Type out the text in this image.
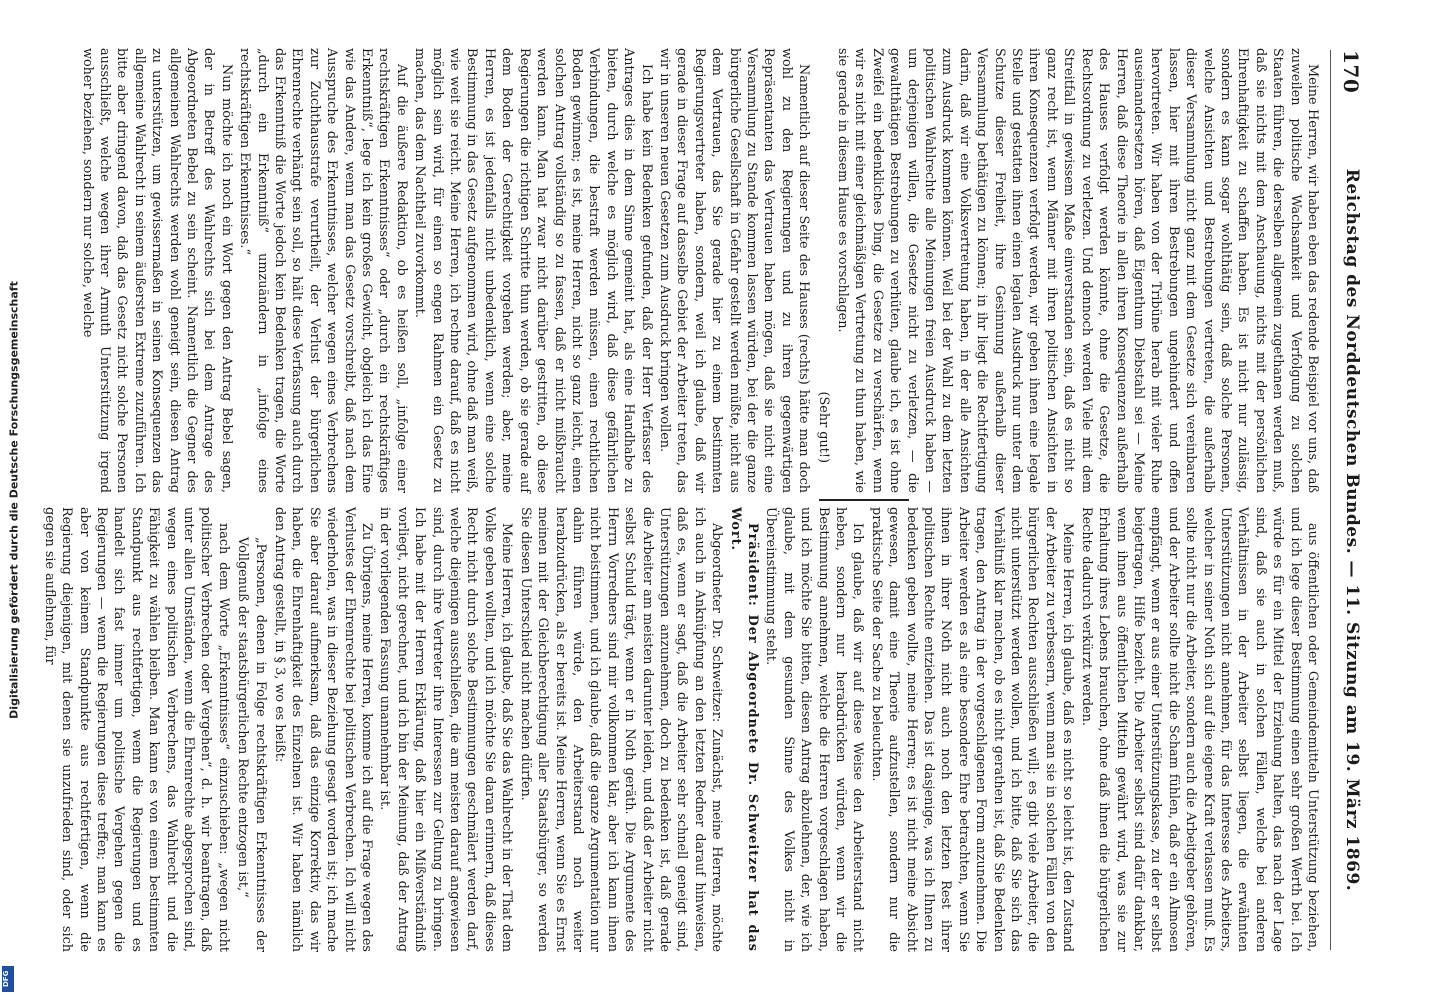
170
Reichstag des Norddeutschen Bundes. — 11. Sitzung am 19. März 1869.

Meine Herren, wir haben eben das redende Beispiel vor uns, daß zuweilen politische Wachsamkeit und Verfolgung zu solchen Staaten führen, die derselben allgemein zugethanen werden muß, daß sie nichts mit dem Anschauung, nichts mit der persönlichen Ehrenhaftigkeit zu schaffen haben. Es ist nicht nur zulässig, sondern es kann sogar wohlthätig sein, daß solche Personen, welche Ansichten und Bestrebungen vertreten, die außerhalb dieser Versammlung nicht ganz mit dem Gesetze sich vereinbaren lassen, hier mit ihren Bestrebungen ungehindert und offen hervortreten. Wir haben von der Tribüne herab mit vieler Ruhe auseinandersetzen hören, daß Eigenthum Diebstahl sei — Meine Herren, daß diese Theorie in allen ihren Konsequenzen außerhalb des Hauses verfolgt werden könnte, ohne die Gesetze, die Rechtsordnung zu verletzen. Und dennoch werden Viele mit dem Streitfall in gewissem Maße einverstanden sein, daß es nicht so ganz recht ist, wenn Männer mit ihren politischen Ansichten in ihren Konsequenzen verfolgt werden, wir geben ihnen eine legale Stelle und gestatten ihnen einen legalen Ausdruck nur unter dem Schutze dieser Freiheit, ihre Gesinnung außerhalb dieser Versammlung bethätigen zu können; in ihr liegt die Rechtfertigung darin, daß wir eine Volksvertretung haben, in der alle Ansichten zum Ausdruck kommen können. Weil bei der Wahl zu dem letzten politischen Wahlrechte alle Meinungen freien Ausdruck haben — um derjenigen willen, die Gesetze nicht zu verletzen, — die gewaltthätigen Bestrebungen zu verhüten, glaube ich, es ist ohne Zweifel ein bedenkliches Ding, die Gesetze zu verschärfen, wenn wir es nicht mit einer gleichmäßigen Vertretung zu thun haben, wie sie gerade in diesem Hause es vorschlagen.

(Sehr gut!)

Namentlich auf dieser Seite des Hauses (rechts) hätte man doch wohl zu den Regierungen und zu ihren gegenwärtigen Repräsentanten das Vertrauen haben mögen, daß sie nicht eine Versammlung zu Stande kommen lassen würden, bei der die ganze bürgerliche Gesellschaft in Gefahr gestellt werden müßte, nicht aus dem Vertrauen, das Sie gerade hier zu einem bestimmten Regierungsvertreter haben, sondern, weil ich glaube, daß wir gerade in dieser Frage auf dasselbe Gebiet der Arbeiter treten, das wir in unseren neuen Gesetzen zum Ausdruck bringen wollen.

Ich habe kein Bedenken gefunden, daß der Herr Verfasser des Antrages dies in dem Sinne gemeint hat, als eine Handhabe zu bieten, durch welche es möglich wird, daß diese gefährlichen Verbindungen, die bestraft werden müssen, einen rechtlichen Boden gewinnen; es ist, meine Herren, nicht so ganz leicht, einen solchen Antrag vollständig so zu fassen, daß er nicht mißbraucht werden kann. Man hat zwar nicht darüber gestritten, ob diese Regierungen die richtigen Schritte thun werden, ob sie gerade auf dem Boden der Gerechtigkeit vorgehen werden; aber, meine Herren, es ist jedenfalls nicht unbedenklich, wenn eine solche Bestimmung in das Gesetz aufgenommen wird, ohne daß man weiß, wie weit sie reicht. Meine Herren, ich rechne darauf, daß es nicht möglich sein wird, für einen so engen Rahmen ein Gesetz zu machen, das dem Nachtheil zuvorkommt.

Auf die äußere Redaktion, ob es heißen soll, „infolge einer rechtskräftigen Erkenntnisses“ oder „durch ein rechtskräftiges Erkenntniß“, lege ich kein großes Gewicht, obgleich ich das Eine wie das Andere, wenn man das Gesetz vorschreibt, daß nach dem Ausspruche des Erkenntnisses, welcher wegen eines Verbrechens zur Zuchthausstrafe verurtheilt, der Verlust der bürgerlichen Ehrenrechte verhängt sein soll, so hält diese Verfassung auch durch das Erkenntniß die Worte jedoch kein Bedenken tragen, die Worte „durch ein Erkenntniß“ umzuändern in „infolge eines rechtskräftigen Erkenntnisses.“

Nun möchte ich noch ein Wort gegen den Antrag Bebel sagen, der in Betreff des Wahlrechts sich bei dem Antrage des Abgeordneten Bebel zu sein scheint. Namentlich die Gegner des allgemeinen Wahlrechts werden wohl geneigt sein, diesen Antrag zu unterstützen, um gewissermaßen in seinen Konsequenzen das allgemeine Wahlrecht in seinem äußersten Extreme zuzuführen. Ich bitte aber dringend davon, daß das Gesetz nicht solche Personen ausschließt, welche wegen ihrer Armuth Unterstützung irgend woher beziehen, sondern nur solche, welche

aus öffentlichen oder Gemeindemitteln Unterstützung beziehen, und ich lege dieser Bestimmung einen sehr großen Werth bei. Ich würde es für ein Mittel der Erziehung halten, das nach der Lage sind, daß sie auch in solchen Fällen, welche bei anderen Verhältnissen in der Arbeiter selbst liegen, die erwähnten Unterstützungen nicht annehmen, für das Interesse des Arbeiters, welcher in seiner Noth sich auf die eigene Kraft verlassen muß. Es sollte nicht nur die Arbeiter, sondern auch die Arbeitgeber gehören, und der Arbeiter sollte nicht die Scham fühlen, daß er ein Almosen empfängt, wenn er aus einer Unterstützungskasse, zu der er selbst beigetragen, Hilfe bezieht. Die Arbeiter selbst sind dafür dankbar, wenn ihnen aus öffentlichen Mitteln gewährt wird, was sie zur Erhaltung ihres Lebens brauchen, ohne daß ihnen die bürgerlichen Rechte dadurch verkürzt werden.

Meine Herren, ich glaube, daß es nicht so leicht ist, den Zustand der Arbeiter zu verbessern, wenn man sie in solchen Fällen von den bürgerlichen Rechten ausschließen will; es gibt viele Arbeiter, die nicht unterstützt werden wollen, und ich bitte, daß Sie sich das Verhältniß klar machen, ob es nicht gerathen ist, daß Sie Bedenken tragen, den Antrag in der vorgeschlagenen Form anzunehmen. Die Arbeiter werden es als eine besondere Ehre betrachten, wenn Sie ihnen in ihrer Noth nicht auch noch den letzten Rest ihrer politischen Rechte entziehen. Das ist dasjenige, was ich Ihnen zu bedenken geben wollte, meine Herren; es ist nicht meine Absicht gewesen, damit eine Theorie aufzustellen, sondern nur die praktische Seite der Sache zu beleuchten.

Ich glaube, daß wir auf diese Weise den Arbeiterstand nicht heben, sondern nur herabdrücken würden, wenn wir die Bestimmung annehmen, welche die Herren vorgeschlagen haben, und ich möchte Sie bitten, diesen Antrag abzulehnen, der, wie ich glaube, mit dem gesunden Sinne des Volkes nicht in Übereinstimmung steht.

Präsident: Der Abgeordnete Dr. Schweitzer hat das Wort.

Abgeordneter Dr. Schweitzer: Zunächst, meine Herren, möchte ich auch in Anknüpfung an den letzten Redner darauf hinweisen, daß es, wenn er sagt, daß die Arbeiter sehr schnell geneigt sind, Unterstützungen anzunehmen, doch zu bedenken ist, daß gerade die Arbeiter am meisten darunter leiden, und daß der Arbeiter nicht selbst Schuld trägt, wenn er in Noth geräth. Die Argumente des Herrn Vorredners sind mir vollkommen klar, aber ich kann ihnen nicht beistimmen, und ich glaube, daß die ganze Argumentation nur dahin führen würde, den Arbeiterstand noch weiter herabzudrücken, als er bereits ist. Meine Herren, wenn Sie es Ernst meinen mit der Gleichberechtigung aller Staatsbürger, so werden Sie diesen Unterschied nicht machen dürfen.

Meine Herren, ich glaube, daß Sie das Wahlrecht in der That dem Volke geben wollten, und ich möchte Sie daran erinnern, daß dieses Recht nicht durch solche Bestimmungen geschmälert werden darf, welche diejenigen ausschließen, die am meisten darauf angewiesen sind, durch ihre Vertreter ihre Interessen zur Geltung zu bringen. Ich habe mit der Herren Erklärung, daß hier ein Mißverständniß vorliegt, nicht gerechnet, und ich bin der Meinung, daß der Antrag in der vorliegenden Fassung unannehmbar ist.

Zu Übrigens, meine Herren, komme ich auf die Frage wegen des Verlustes der Ehrenrechte bei politischen Verbrechen. Ich will nicht wiederholen, was in dieser Beziehung gesagt worden ist; ich mache Sie aber darauf aufmerksam, daß das einzige Korrektiv, das wir haben, die Ehrenhaftigkeit des Einzelnen ist. Wir haben nämlich den Antrag gestellt, in § 3, wo es heißt:

„Personen, denen in Folge rechtskräftigen Erkenntnisses der Vollgenuß der staatsbürgerlichen Rechte entzogen ist,“

nach dem Worte „Erkenntnisses“ einzuschieben: „wegen nicht politischer Verbrechen oder Vergehen“, d. h. wir beantragen, daß unter allen Umständen, wenn die Ehrenrechte abgesprochen sind, wegen eines politischen Verbrechens, das Wahlrecht und die Fähigkeit zu wählen bleiben. Man kann es von einem bestimmten Standpunkt aus rechtfertigen, wenn die Regierungen und es handelt sich fast immer um politische Vergehen gegen die Regierungen — wenn die Regierungen diese treffen; man kann es aber von keinem Standpunkte aus rechtfertigen, wenn die Regierung diejenigen, mit denen sie unzufrieden sind, oder sich gegen sie auflehnen, für

Digitalisierung gefördert durch die Deutsche Forschungsgemeinschaft
DFG
